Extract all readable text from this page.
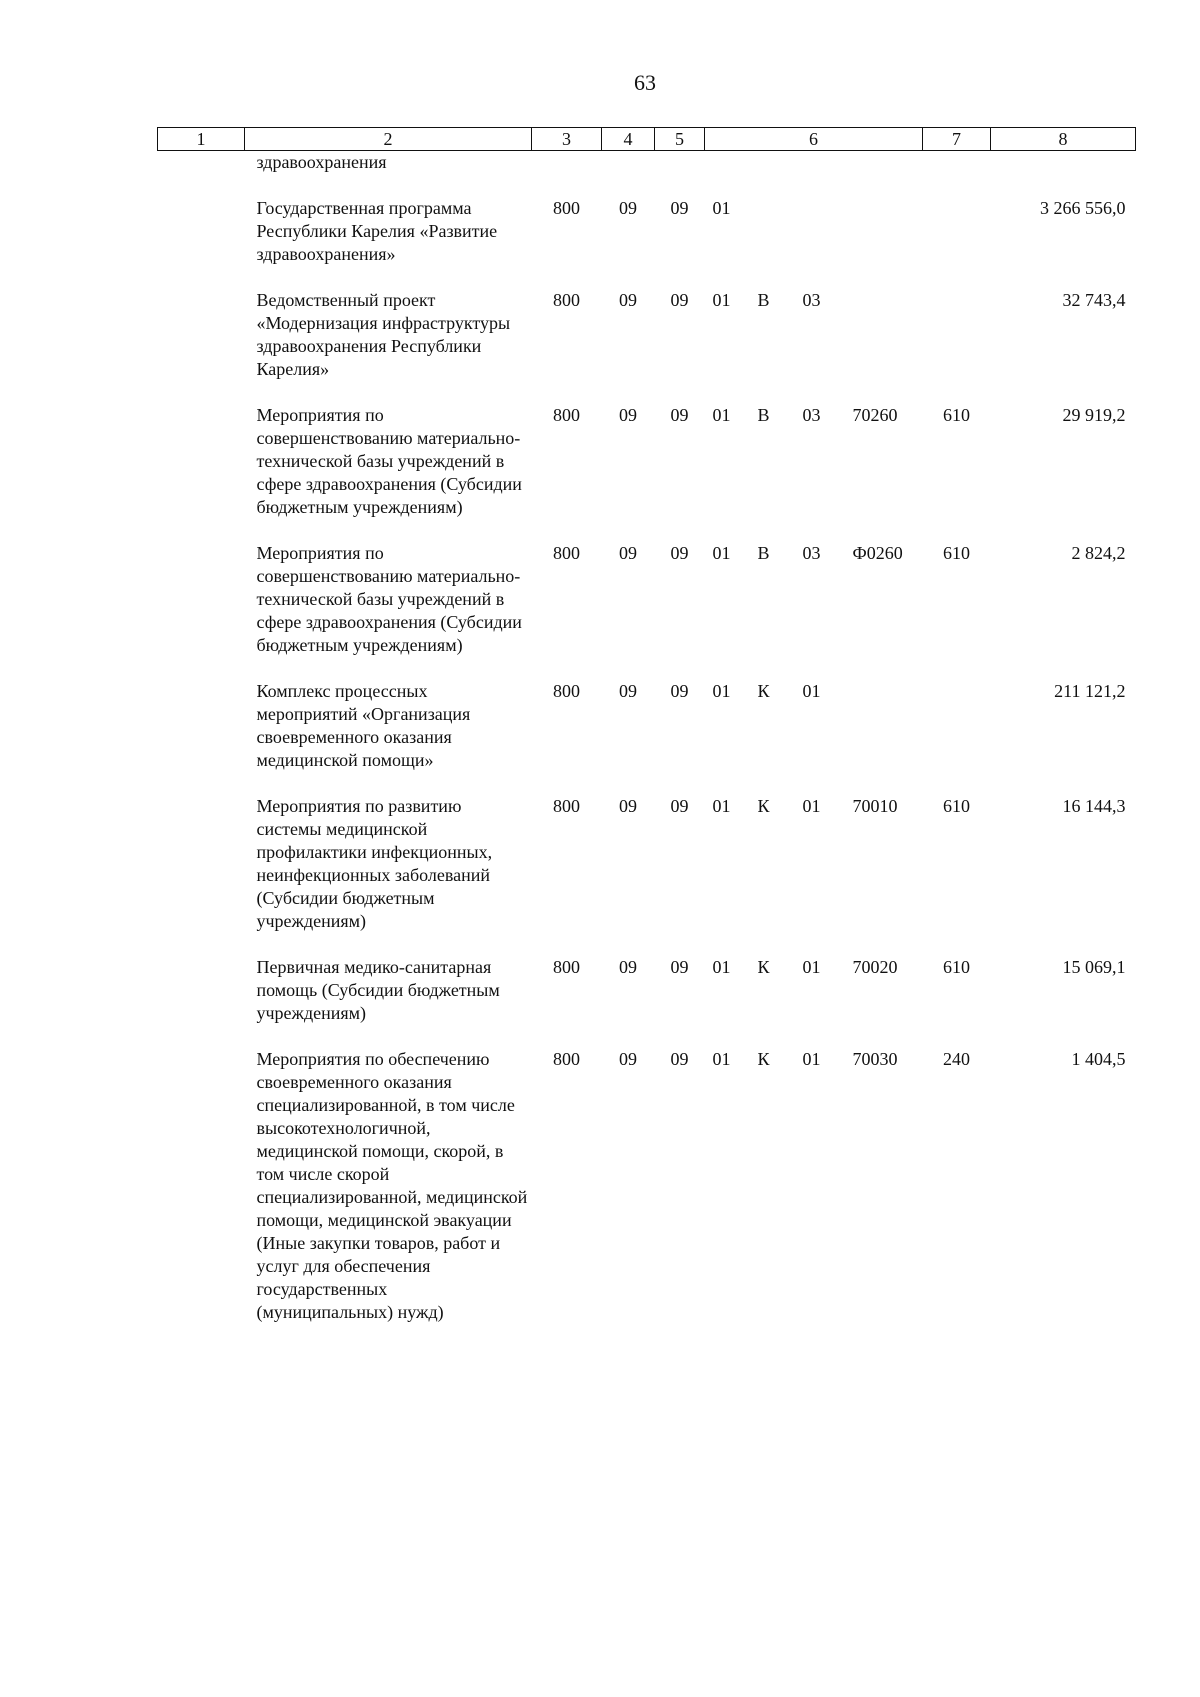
63
1	2	3	4	5	6				7	8
	здравоохранения									

	Государственная программа Республики Карелия «Развитие здравоохранения»	800	09	09	01					3 266 556,0

	Ведомственный проект «Модернизация инфраструктуры здравоохранения Республики Карелия»	800	09	09	01	В	03			32 743,4

	Мероприятия по совершенствованию материально-технической базы учреждений в сфере здравоохранения (Субсидии бюджетным учреждениям)	800	09	09	01	В	03	70260	610	29 919,2

	Мероприятия по совершенствованию материально-технической базы учреждений в сфере здравоохранения (Субсидии бюджетным учреждениям)	800	09	09	01	В	03	Ф0260	610	2 824,2

	Комплекс процессных мероприятий «Организация своевременного оказания медицинской помощи»	800	09	09	01	К	01			211 121,2

	Мероприятия по развитию системы медицинской профилактики инфекционных, неинфекционных заболеваний (Субсидии бюджетным учреждениям)	800	09	09	01	К	01	70010	610	16 144,3

	Первичная медико-санитарная помощь (Субсидии бюджетным учреждениям)	800	09	09	01	К	01	70020	610	15 069,1

	Мероприятия по обеспечению своевременного оказания специализированной, в том числе высокотехнологичной, медицинской помощи, скорой, в том числе скорой специализированной, медицинской помощи, медицинской эвакуации (Иные закупки товаров, работ и услуг для обеспечения государственных (муниципальных) нужд)	800	09	09	01	К	01	70030	240	1 404,5
